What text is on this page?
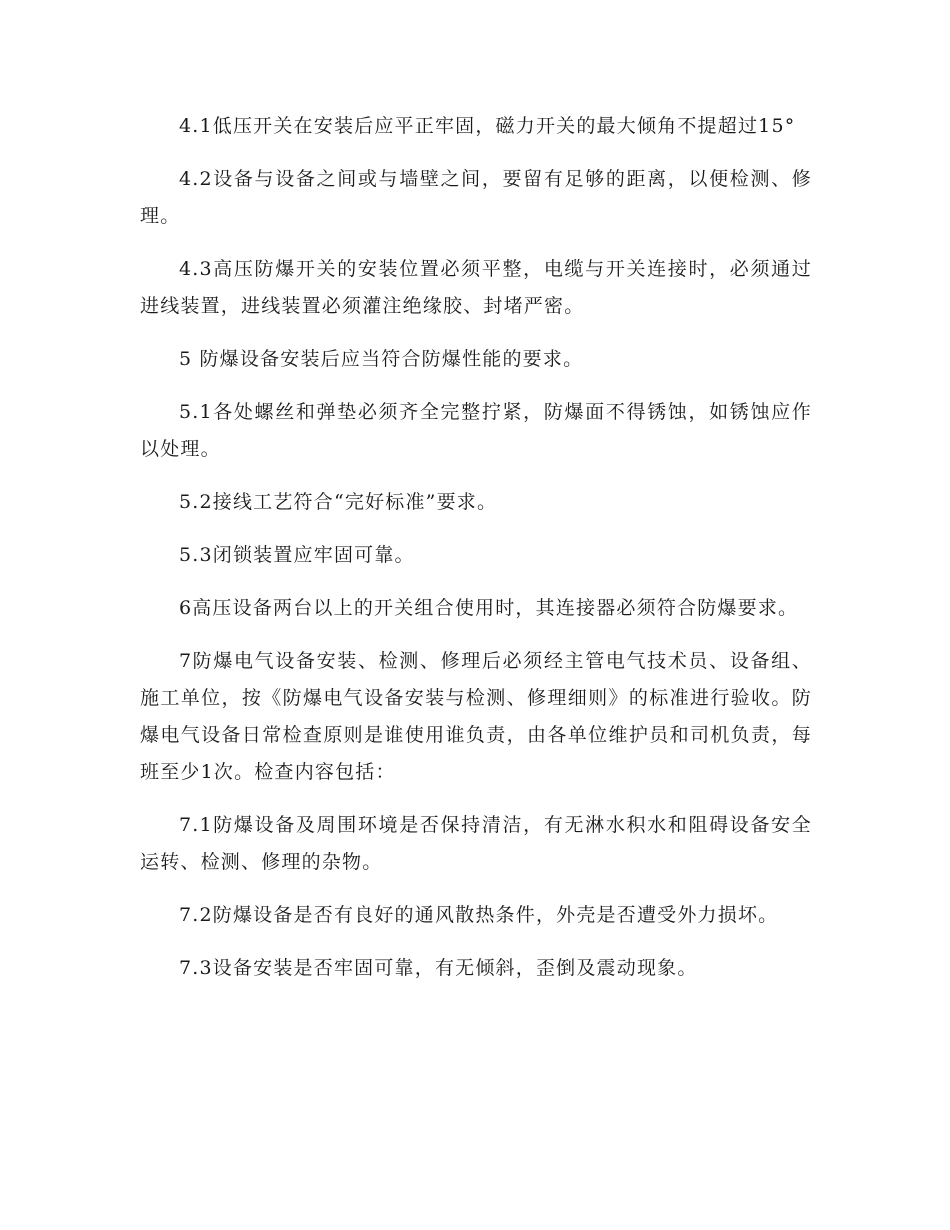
4.1低压开关在安装后应平正牢固，磁力开关的最大倾角不提超过15°

4.2设备与设备之间或与墙壁之间，要留有足够的距离，以便检测、修理。

4.3高压防爆开关的安装位置必须平整，电缆与开关连接时，必须通过进线装置，进线装置必须灌注绝缘胶、封堵严密。

5 防爆设备安装后应当符合防爆性能的要求。

5.1各处螺丝和弹垫必须齐全完整拧紧，防爆面不得锈蚀，如锈蚀应作以处理。

5.2接线工艺符合“完好标准”要求。

5.3闭锁装置应牢固可靠。

6高压设备两台以上的开关组合使用时，其连接器必须符合防爆要求。

7防爆电气设备安装、检测、修理后必须经主管电气技术员、设备组、施工单位，按《防爆电气设备安装与检测、修理细则》的标准进行验收。防爆电气设备日常检查原则是谁使用谁负责，由各单位维护员和司机负责，每班至少1次。检查内容包括：

7.1防爆设备及周围环境是否保持清洁，有无淋水积水和阻碍设备安全运转、检测、修理的杂物。

7.2防爆设备是否有良好的通风散热条件，外壳是否遭受外力损坏。

7.3设备安装是否牢固可靠，有无倾斜，歪倒及震动现象。
